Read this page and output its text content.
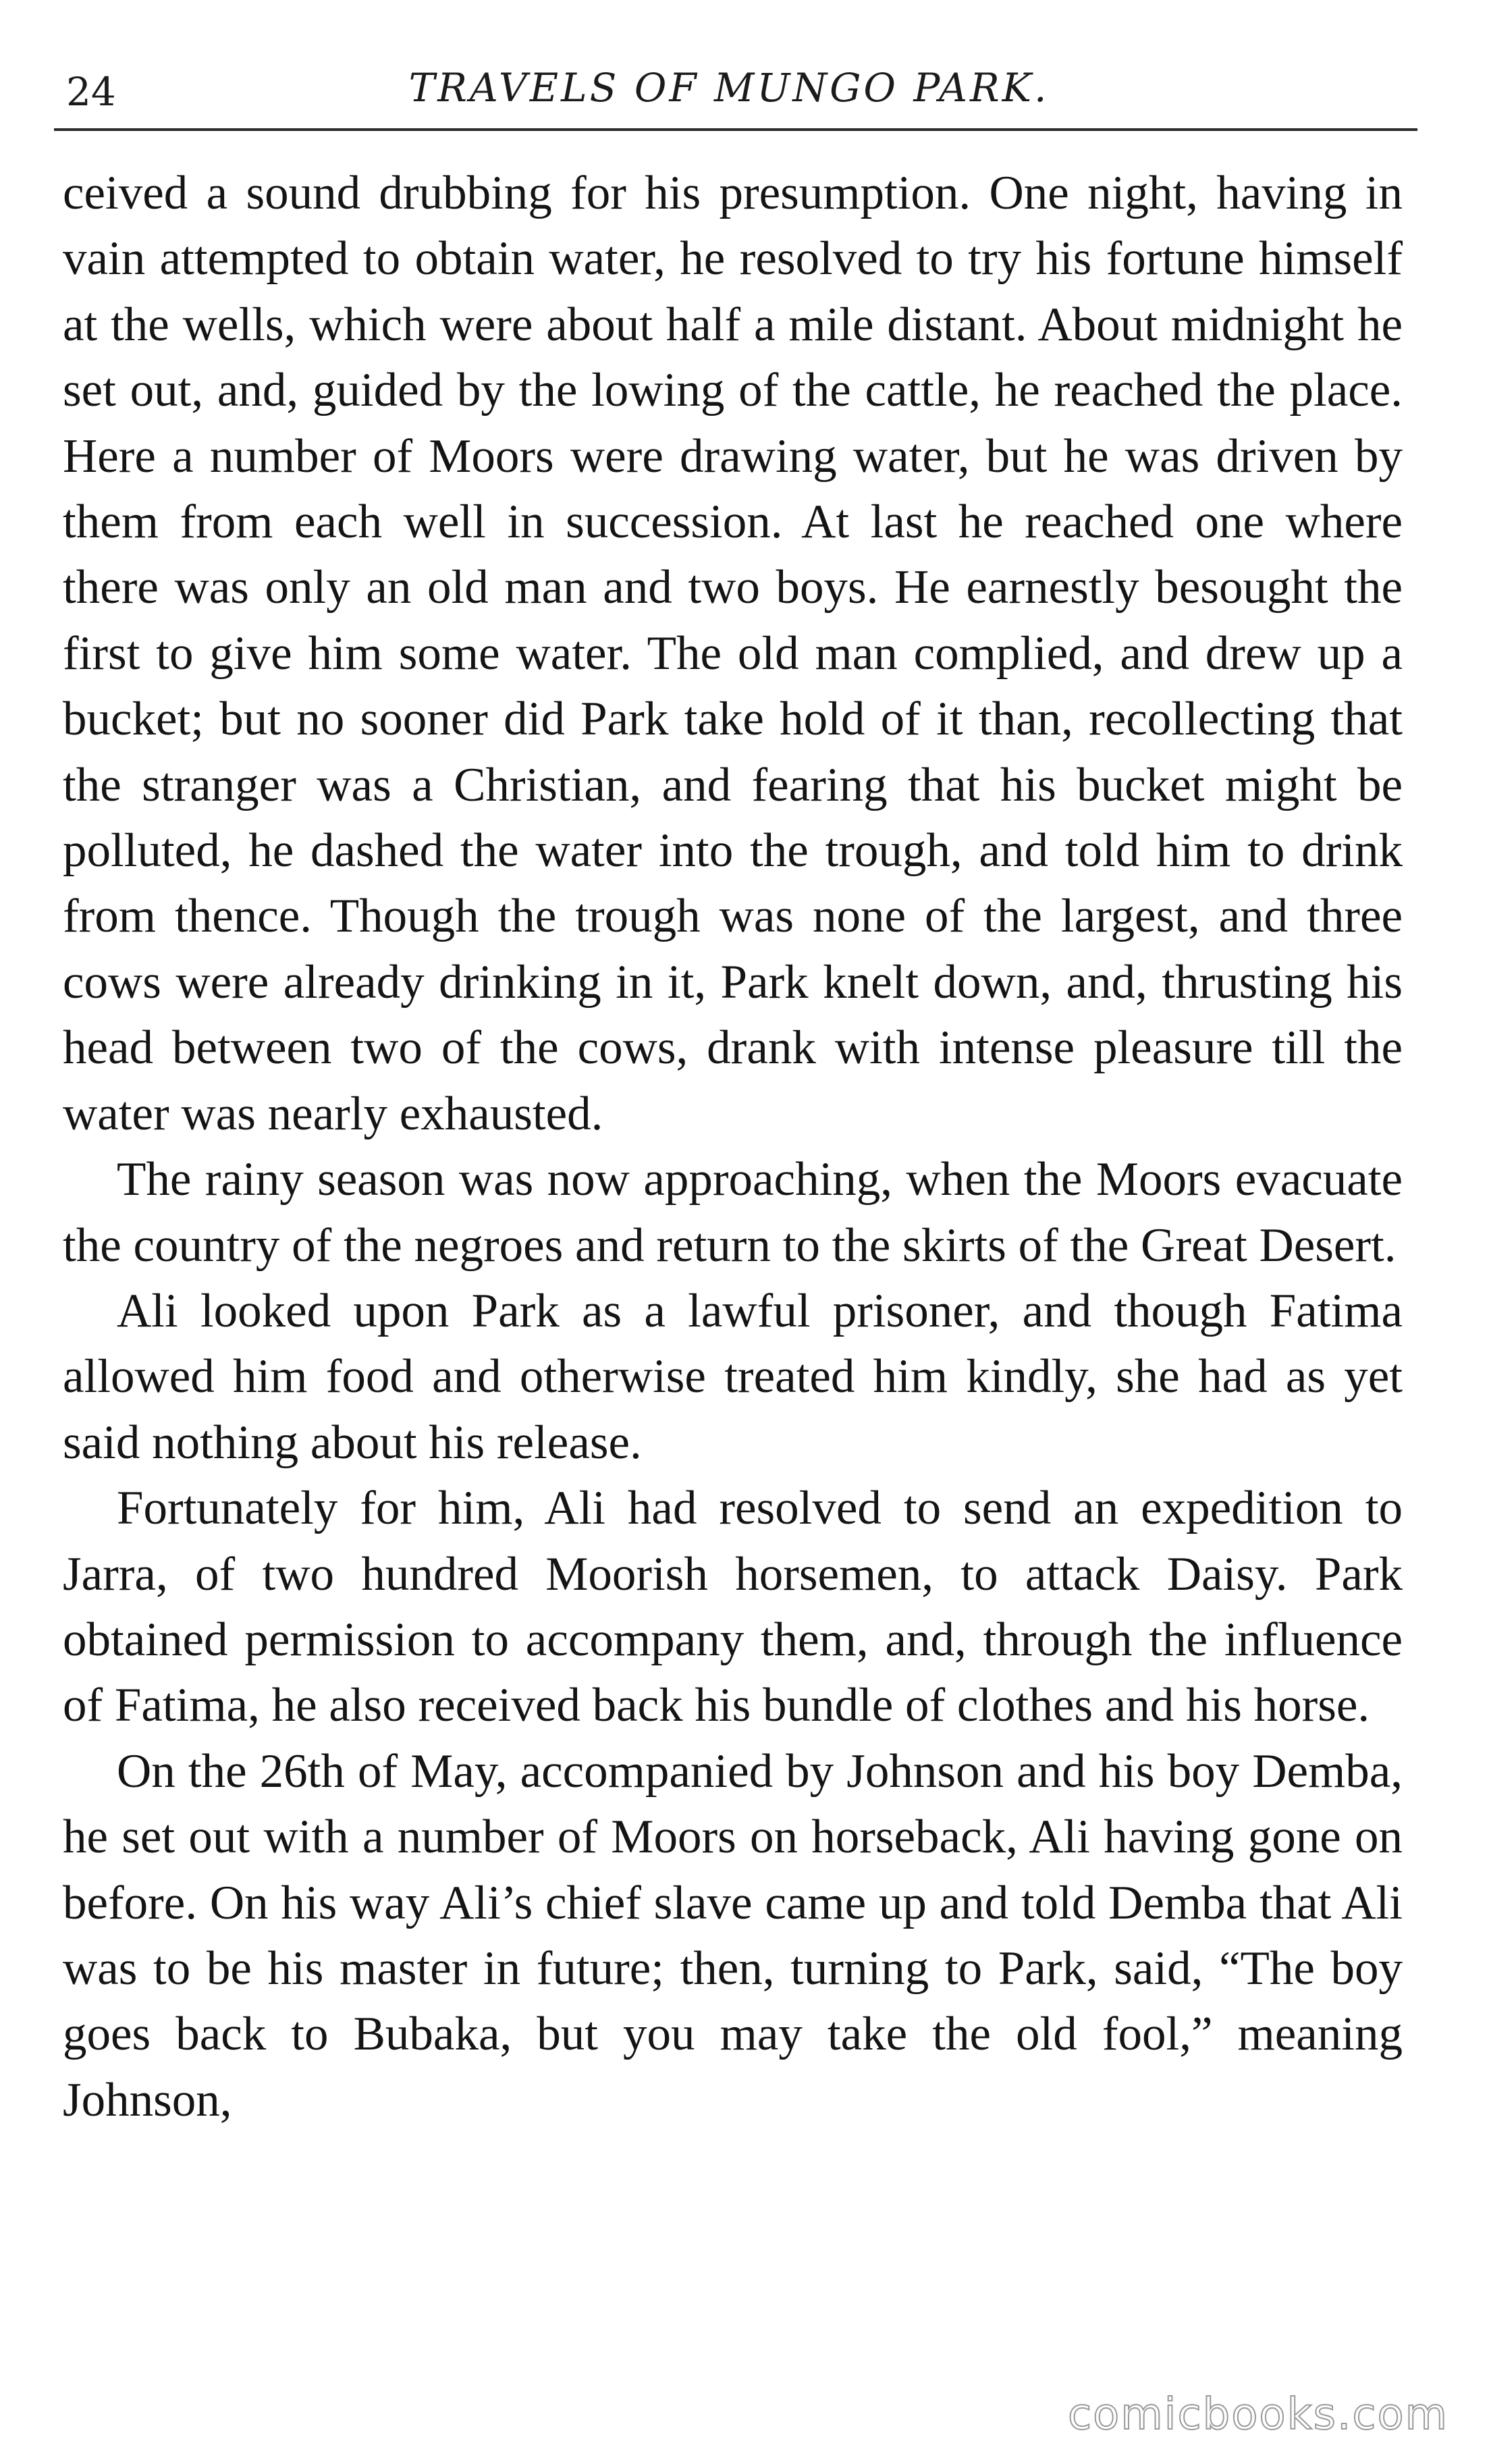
24	TRAVELS OF MUNGO PARK.

ceived a sound drubbing for his presumption. One night, having in vain attempted to obtain water, he resolved to try his fortune himself at the wells, which were about half a mile distant. About midnight he set out, and, guided by the lowing of the cattle, he reached the place. Here a number of Moors were drawing water, but he was driven by them from each well in succession. At last he reached one where there was only an old man and two boys. He earnestly besought the first to give him some water. The old man complied, and drew up a bucket; but no sooner did Park take hold of it than, recollecting that the stranger was a Christian, and fearing that his bucket might be polluted, he dashed the water into the trough, and told him to drink from thence. Though the trough was none of the largest, and three cows were already drinking in it, Park knelt down, and, thrusting his head between two of the cows, drank with intense pleasure till the water was nearly exhausted.

The rainy season was now approaching, when the Moors evacuate the country of the negroes and return to the skirts of the Great Desert.

Ali looked upon Park as a lawful prisoner, and though Fatima allowed him food and otherwise treated him kindly, she had as yet said nothing about his release.

Fortunately for him, Ali had resolved to send an expedition to Jarra, of two hundred Moorish horsemen, to attack Daisy. Park obtained permission to accompany them, and, through the influence of Fatima, he also received back his bundle of clothes and his horse.

On the 26th of May, accompanied by Johnson and his boy Demba, he set out with a number of Moors on horseback, Ali having gone on before. On his way Ali’s chief slave came up and told Demba that Ali was to be his master in future; then, turning to Park, said, “The boy goes back to Bubaka, but you may take the old fool,” meaning Johnson,

comicbooks.com
